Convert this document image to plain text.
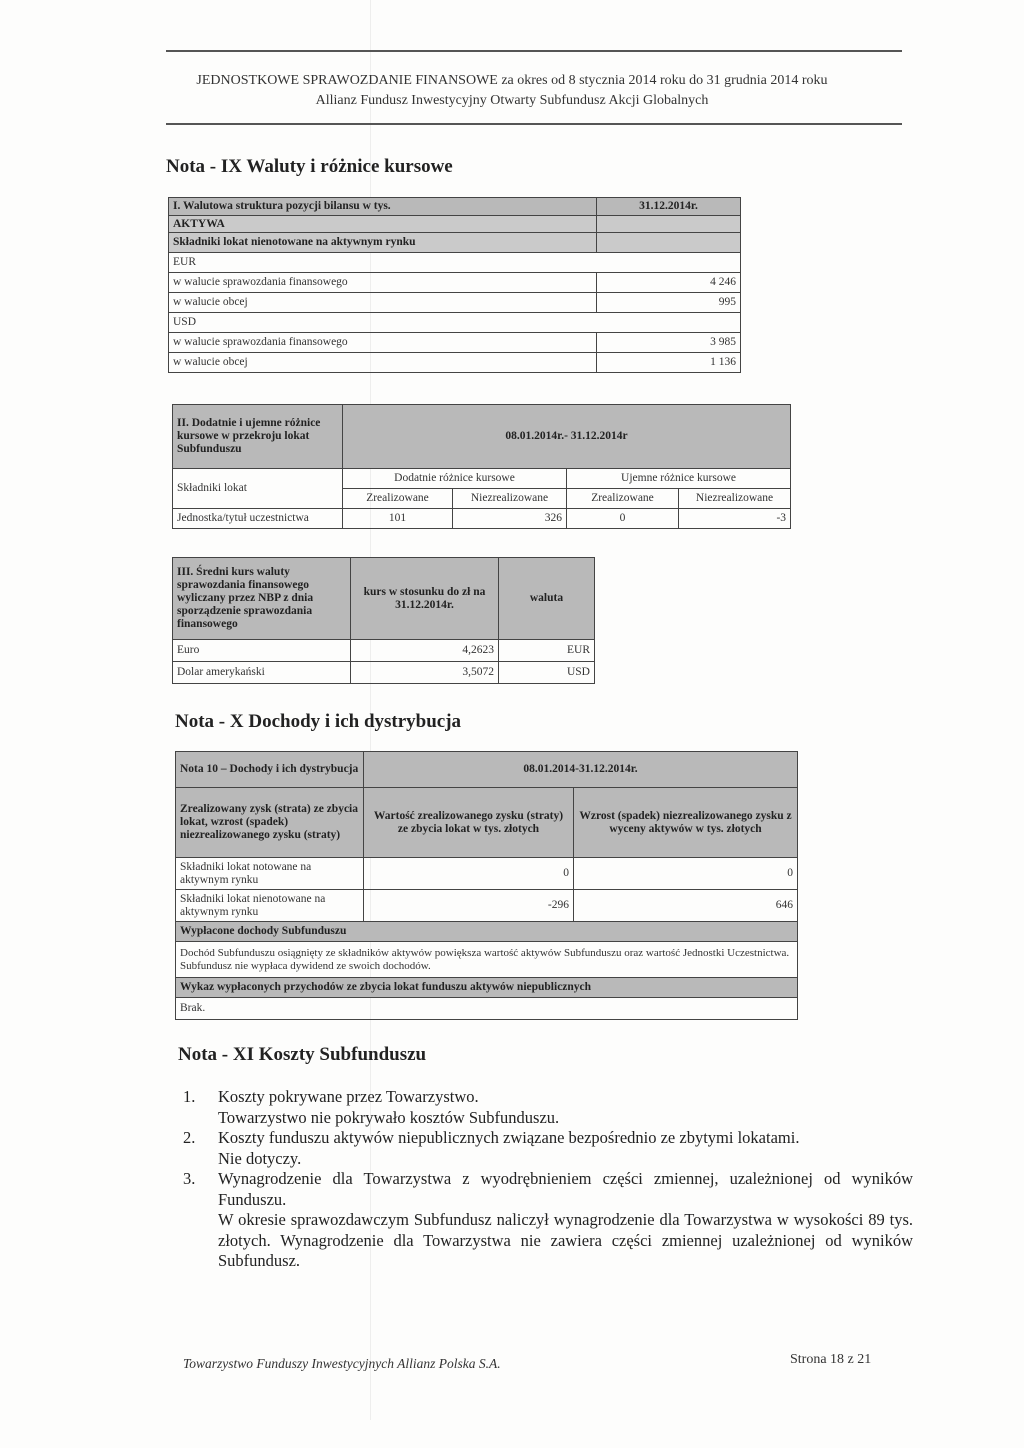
JEDNOSTKOWE SPRAWOZDANIE FINANSOWE za okres od 8 stycznia 2014 roku do 31 grudnia 2014 roku
Allianz Fundusz Inwestycyjny Otwarty Subfundusz Akcji Globalnych
Nota - IX Waluty i różnice kursowe
I. Walutowa struktura pozycji bilansu w tys.	31.12.2014r.
AKTYWA	
Składniki lokat nienotowane na aktywnym rynku	
EUR	
w walucie sprawozdania finansowego	4 246
w walucie obcej	995
USD	
w walucie sprawozdania finansowego	3 985
w walucie obcej	1 136
II. Dodatnie i ujemne różnice kursowe w przekroju lokat Subfunduszu	08.01.2014r.- 31.12.2014r			
Składniki lokat	Dodatnie różnice kursowe		Ujemne różnice kursowe	
	Zrealizowane	Niezrealizowane	Zrealizowane	Niezrealizowane
Jednostka/tytuł uczestnictwa	101	326	0	-3
III. Średni kurs waluty sprawozdania finansowego wyliczany przez NBP z dnia sporządzenie sprawozdania finansowego	kurs w stosunku do zł na 31.12.2014r.	waluta
Euro	4,2623	EUR
Dolar amerykański	3,5072	USD
Nota - X Dochody i ich dystrybucja
Nota 10 – Dochody i ich dystrybucja	08.01.2014-31.12.2014r.	
Zrealizowany zysk (strata) ze zbycia lokat, wzrost (spadek) niezrealizowanego zysku (straty)	Wartość zrealizowanego zysku (straty) ze zbycia lokat w tys. złotych	Wzrost (spadek) niezrealizowanego zysku z wyceny aktywów w tys. złotych
Składniki lokat notowane na aktywnym rynku	0	0
Składniki lokat nienotowane na aktywnym rynku	-296	646
Wypłacone dochody Subfunduszu		
Dochód Subfunduszu osiągnięty ze składników aktywów powiększa wartość aktywów Subfunduszu oraz wartość Jednostki Uczestnictwa. Subfundusz nie wypłaca dywidend ze swoich dochodów.		
Wykaz wypłaconych przychodów ze zbycia lokat funduszu aktywów niepublicznych		
Brak.		
Nota - XI Koszty Subfunduszu
1.	Koszty pokrywane przez Towarzystwo.
Towarzystwo nie pokrywało kosztów Subfunduszu.
2.	Koszty funduszu aktywów niepublicznych związane bezpośrednio ze zbytymi lokatami.
Nie dotyczy.
3.	Wynagrodzenie dla Towarzystwa z wyodrębnieniem części zmiennej, uzależnionej od wyników Funduszu.
W okresie sprawozdawczym Subfundusz naliczył wynagrodzenie dla Towarzystwa w wysokości 89 tys. złotych. Wynagrodzenie dla Towarzystwa nie zawiera części zmiennej uzależnionej od wyników Subfundusz.
Towarzystwo Funduszy Inwestycyjnych Allianz Polska S.A.	Strona 18 z 21
